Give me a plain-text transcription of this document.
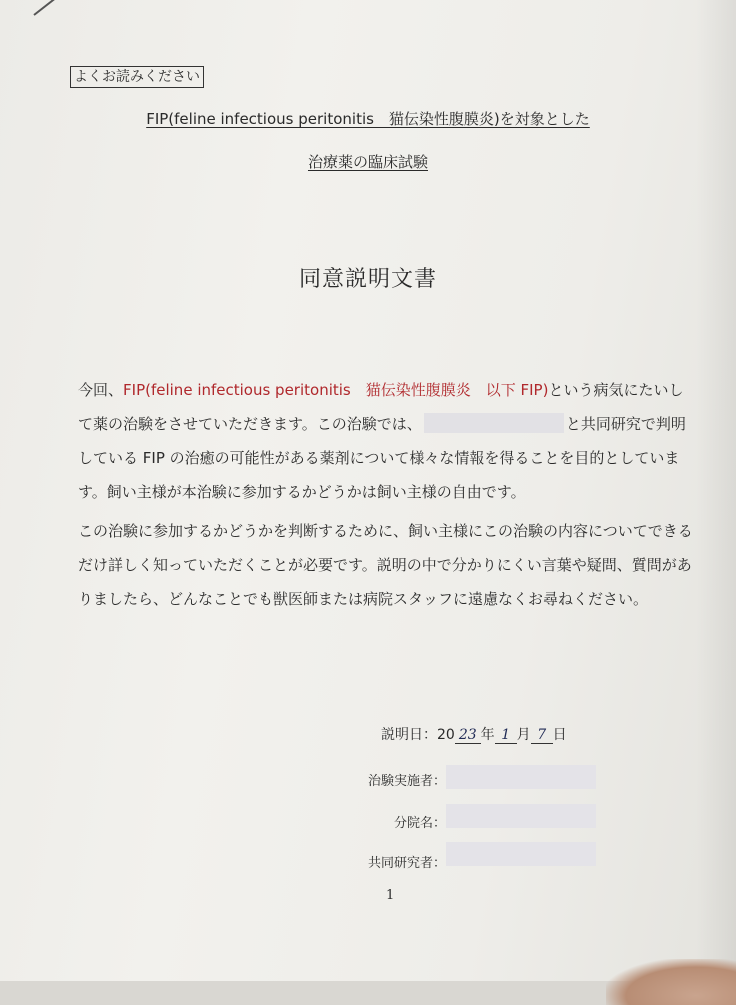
よくお読みください
FIP(feline infectious peritonitis　猫伝染性腹膜炎)を対象とした
治療薬の臨床試験
同意説明文書
今回、FIP(feline infectious peritonitis　猫伝染性腹膜炎　以下 FIP)という病気にたいし
て薬の治験をさせていただきます。この治験では、	と共同研究で判明
している FIP の治癒の可能性がある薬剤について様々な情報を得ることを目的としていま
す。飼い主様が本治験に参加するかどうかは飼い主様の自由です。
この治験に参加するかどうかを判断するために、飼い主様にこの治験の内容についてできる
だけ詳しく知っていただくことが必要です。説明の中で分かりにくい言葉や疑問、質問があ
りましたら、どんなことでも獣医師または病院スタッフに遠慮なくお尋ねください。
説明日：20 23 年 1 月 7 日
治験実施者：
分院名：
共同研究者：
1
